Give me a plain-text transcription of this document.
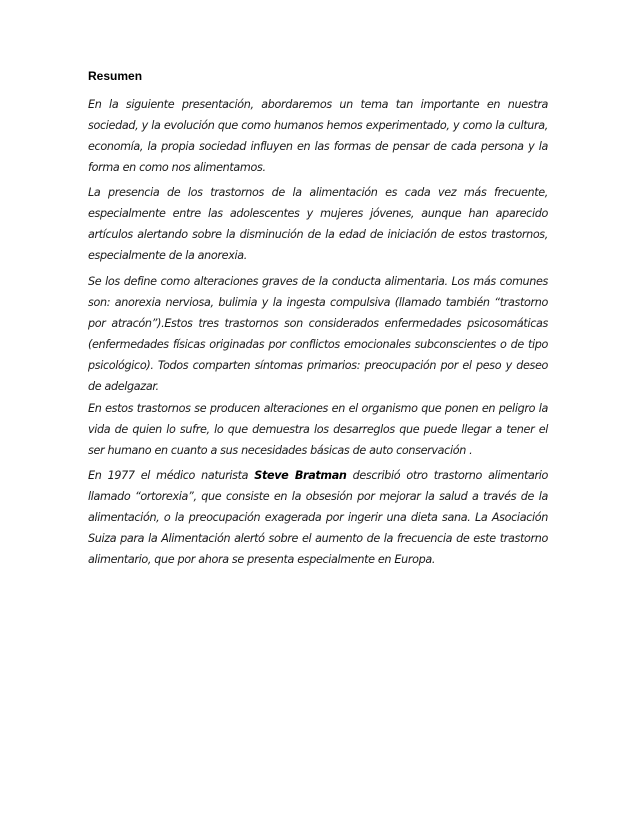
Resumen

En la siguiente presentación, abordaremos un tema tan importante en nuestra sociedad, y la evolución que como humanos hemos experimentado, y como la cultura, economía, la propia sociedad influyen en las formas de pensar de cada persona y la forma en como nos alimentamos.

La presencia de los trastornos de la alimentación es cada vez más frecuente, especialmente entre las adolescentes y mujeres jóvenes, aunque han aparecido artículos alertando sobre la disminución de la edad de iniciación de estos trastornos, especialmente de la anorexia.

Se los define como alteraciones graves de la conducta alimentaria. Los más comunes son: anorexia nerviosa, bulimia y la ingesta compulsiva (llamado también “trastorno por atracón”).Estos tres trastornos son considerados enfermedades psicosomáticas (enfermedades físicas originadas por conflictos emocionales subconscientes o de tipo psicológico). Todos comparten síntomas primarios: preocupación por el peso y deseo de adelgazar.

En estos trastornos se producen alteraciones en el organismo que ponen en peligro la vida de quien lo sufre, lo que demuestra los desarreglos que puede llegar a tener el ser humano en cuanto a sus necesidades básicas de auto conservación .

En 1977 el médico naturista Steve Bratman describió otro trastorno alimentario llamado “ortorexia”, que consiste en la obsesión por mejorar la salud a través de la alimentación, o la preocupación exagerada por ingerir una dieta sana. La Asociación Suiza para la Alimentación alertó sobre el aumento de la frecuencia de este trastorno alimentario, que por ahora se presenta especialmente en Europa.
